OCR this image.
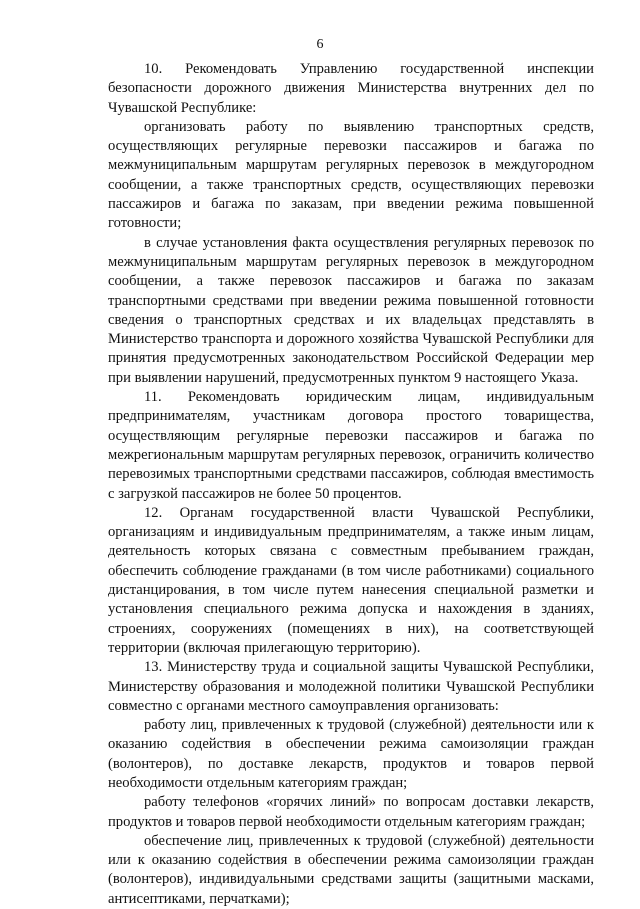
6

10. Рекомендовать Управлению государственной инспекции безопасности дорожного движения Министерства внутренних дел по Чувашской Республике:

организовать работу по выявлению транспортных средств, осуществляющих регулярные перевозки пассажиров и багажа по межмуниципальным маршрутам регулярных перевозок в междугородном сообщении, а также транспортных средств, осуществляющих перевозки пассажиров и багажа по заказам, при введении режима повышенной готовности;

в случае установления факта осуществления регулярных перевозок по межмуниципальным маршрутам регулярных перевозок в междугородном сообщении, а также перевозок пассажиров и багажа по заказам транспортными средствами при введении режима повышенной готовности сведения о транспортных средствах и их владельцах представлять в Министерство транспорта и дорожного хозяйства Чувашской Республики для принятия предусмотренных законодательством Российской Федерации мер при выявлении нарушений, предусмотренных пунктом 9 настоящего Указа.

11. Рекомендовать юридическим лицам, индивидуальным предпринимателям, участникам договора простого товарищества, осуществляющим регулярные перевозки пассажиров и багажа по межрегиональным маршрутам регулярных перевозок, ограничить количество перевозимых транспортными средствами пассажиров, соблюдая вместимость с загрузкой пассажиров не более 50 процентов.

12. Органам государственной власти Чувашской Республики, организациям и индивидуальным предпринимателям, а также иным лицам, деятельность которых связана с совместным пребыванием граждан, обеспечить соблюдение гражданами (в том числе работниками) социального дистанцирования, в том числе путем нанесения специальной разметки и установления специального режима допуска и нахождения в зданиях, строениях, сооружениях (помещениях в них), на соответствующей территории (включая прилегающую территорию).

13. Министерству труда и социальной защиты Чувашской Республики, Министерству образования и молодежной политики Чувашской Республики совместно с органами местного самоуправления организовать:

работу лиц, привлеченных к трудовой (служебной) деятельности или к оказанию содействия в обеспечении режима самоизоляции граждан (волонтеров), по доставке лекарств, продуктов и товаров первой необходимости отдельным категориям граждан;

работу телефонов «горячих линий» по вопросам доставки лекарств, продуктов и товаров первой необходимости отдельным категориям граждан;

обеспечение лиц, привлеченных к трудовой (служебной) деятельности или к оказанию содействия в обеспечении режима самоизоляции граждан (волонтеров), индивидуальными средствами защиты (защитными масками, антисептиками, перчатками);
